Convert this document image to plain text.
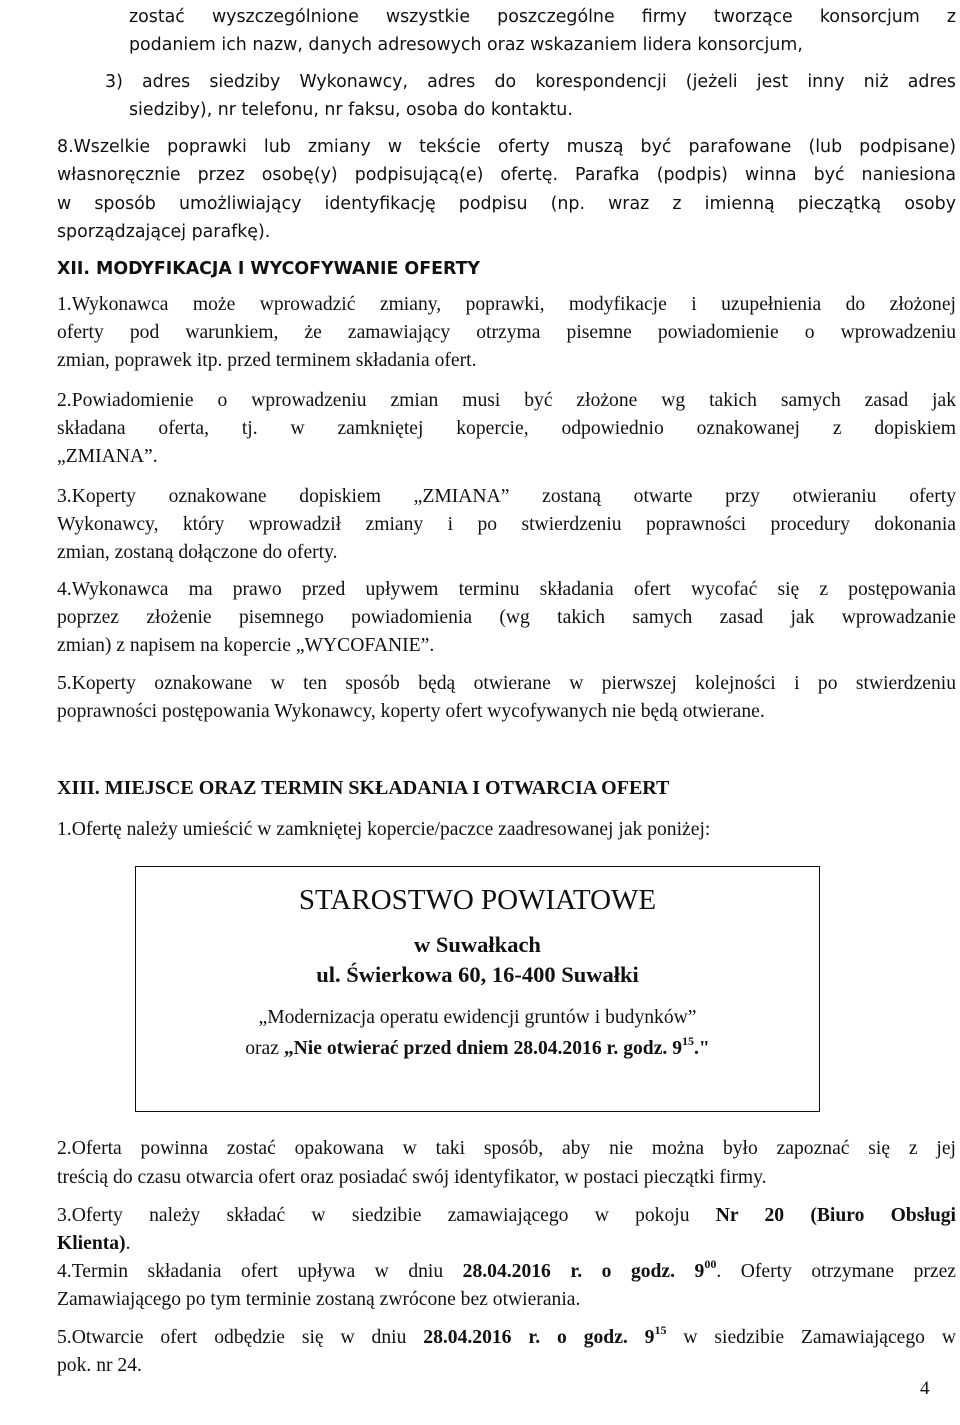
zostać wyszczególnione wszystkie poszczególne firmy tworzące konsorcjum z
podaniem ich nazw, danych adresowych oraz wskazaniem lidera konsorcjum,
3) adres siedziby Wykonawcy, adres do korespondencji (jeżeli jest inny niż adres
siedziby), nr telefonu, nr faksu, osoba do kontaktu.
8.Wszelkie poprawki lub zmiany w tekście oferty muszą być parafowane (lub podpisane)
własnoręcznie przez osobę(y) podpisującą(e) ofertę. Parafka (podpis) winna być naniesiona
w sposób umożliwiający identyfikację podpisu (np. wraz z imienną pieczątką osoby
sporządzającej parafkę).
XII. MODYFIKACJA I WYCOFYWANIE OFERTY
1.Wykonawca może wprowadzić zmiany, poprawki, modyfikacje i uzupełnienia do złożonej
oferty pod warunkiem, że zamawiający otrzyma pisemne powiadomienie o wprowadzeniu
zmian, poprawek itp. przed terminem składania ofert.
2.Powiadomienie o wprowadzeniu zmian musi być złożone wg takich samych zasad jak
składana oferta, tj. w zamkniętej kopercie, odpowiednio oznakowanej z dopiskiem
„ZMIANA”.
3.Koperty oznakowane dopiskiem „ZMIANA” zostaną otwarte przy otwieraniu oferty
Wykonawcy, który wprowadził zmiany i po stwierdzeniu poprawności procedury dokonania
zmian, zostaną dołączone do oferty.
4.Wykonawca ma prawo przed upływem terminu składania ofert wycofać się z postępowania
poprzez złożenie pisemnego powiadomienia (wg takich samych zasad jak wprowadzanie
zmian) z napisem na kopercie „WYCOFANIE”.
5.Koperty oznakowane w ten sposób będą otwierane w pierwszej kolejności i po stwierdzeniu
poprawności postępowania Wykonawcy, koperty ofert wycofywanych nie będą otwierane.
XIII. MIEJSCE ORAZ TERMIN SKŁADANIA I OTWARCIA OFERT
1.Ofertę należy umieścić w zamkniętej kopercie/paczce zaadresowanej jak poniżej:
STAROSTWO POWIATOWE
w Suwałkach
ul. Świerkowa 60, 16-400 Suwałki
„Modernizacja operatu ewidencji gruntów i budynków”
oraz „Nie otwierać przed dniem 28.04.2016 r. godz. $9^{15}$."
2.Oferta powinna zostać opakowana w taki sposób, aby nie można było zapoznać się z jej
treścią do czasu otwarcia ofert oraz posiadać swój identyfikator, w postaci pieczątki firmy.
3.Oferty należy składać w siedzibie zamawiającego w pokoju Nr 20 (Biuro Obsługi
Klienta).
4.Termin składania ofert upływa w dniu 28.04.2016 r. o godz. $9^{00}$. Oferty otrzymane przez
Zamawiającego po tym terminie zostaną zwrócone bez otwierania.
5.Otwarcie ofert odbędzie się w dniu 28.04.2016 r. o godz. $9^{15}$ w siedzibie Zamawiającego w
pok. nr 24.
4
